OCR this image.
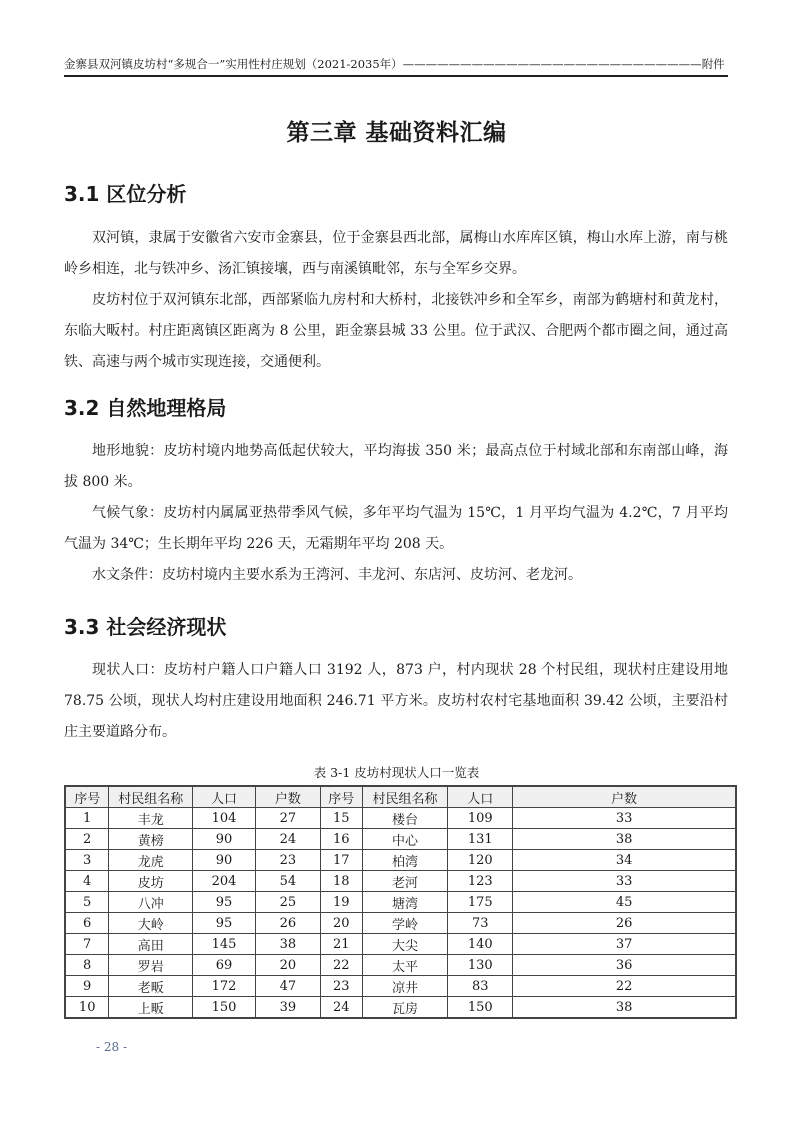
金寨县双河镇皮坊村“多规合一”实用性村庄规划（2021-2035年）——————————————————————————附件
第三章 基础资料汇编
3.1 区位分析
双河镇，隶属于安徽省六安市金寨县，位于金寨县西北部，属梅山水库库区镇，梅山水库上游，南与桃岭乡相连，北与铁冲乡、汤汇镇接壤，西与南溪镇毗邻，东与全军乡交界。
皮坊村位于双河镇东北部，西部紧临九房村和大桥村，北接铁冲乡和全军乡，南部为鹤塘村和黄龙村，东临大畈村。村庄距离镇区距离为 8 公里，距金寨县城 33 公里。位于武汉、合肥两个都市圈之间，通过高铁、高速与两个城市实现连接，交通便利。
3.2 自然地理格局
地形地貌：皮坊村境内地势高低起伏较大，平均海拔 350 米；最高点位于村域北部和东南部山峰，海拔 800 米。
气候气象：皮坊村内属属亚热带季风气候，多年平均气温为 15℃，1 月平均气温为 4.2℃，7 月平均气温为 34℃；生长期年平均 226 天，无霜期年平均 208 天。
水文条件：皮坊村境内主要水系为王湾河、丰龙河、东店河、皮坊河、老龙河。
3.3 社会经济现状
现状人口：皮坊村户籍人口户籍人口 3192 人，873 户，村内现状 28 个村民组，现状村庄建设用地 78.75 公顷，现状人均村庄建设用地面积 246.71 平方米。皮坊村农村宅基地面积 39.42 公顷，主要沿村庄主要道路分布。
表 3-1 皮坊村现状人口一览表
序号	村民组名称	人口	户数	序号	村民组名称	人口	户数
1	丰龙	104	27	15	楼台	109	33
2	黄榜	90	24	16	中心	131	38
3	龙虎	90	23	17	柏湾	120	34
4	皮坊	204	54	18	老河	123	33
5	八冲	95	25	19	塘湾	175	45
6	大岭	95	26	20	学岭	73	26
7	高田	145	38	21	大尖	140	37
8	罗岩	69	20	22	太平	130	36
9	老畈	172	47	23	凉井	83	22
10	上畈	150	39	24	瓦房	150	38
- 28 -
